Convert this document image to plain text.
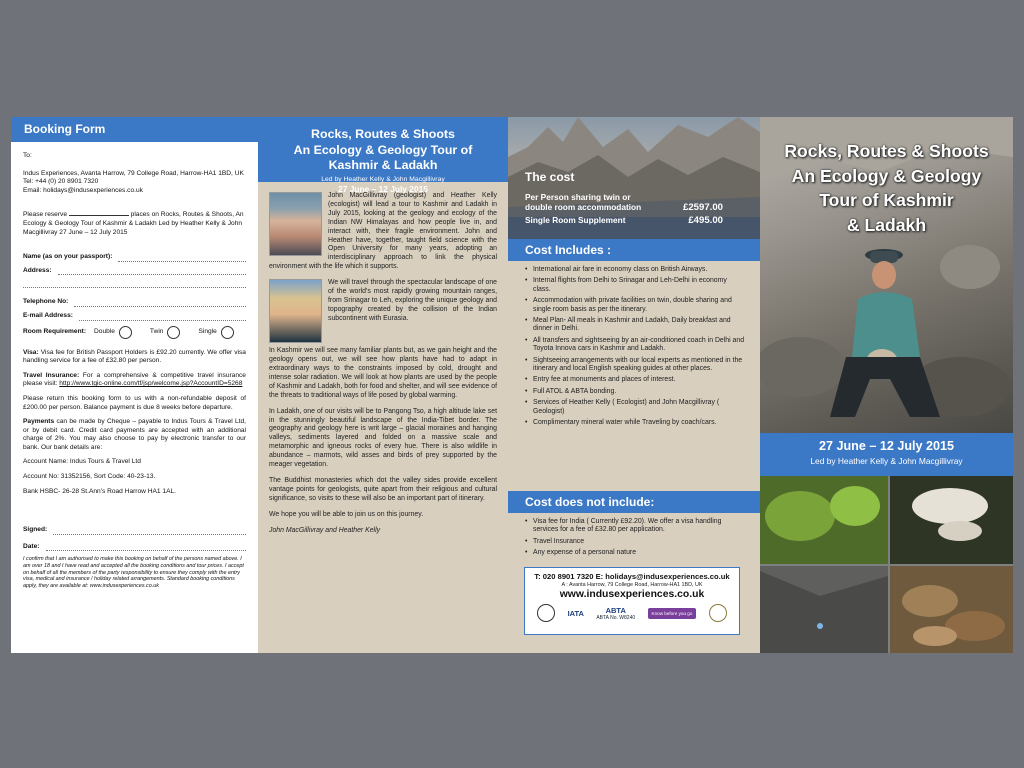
Booking Form

To:

Indus Experiences, Avanta Harrow, 79 College Road, Harrow-HA1 1BD, UK Tel: +44 (0) 20 8901 7320
Email: holidays@indusexperiences.co.uk

Please reserve	places on Rocks, Routes & Shoots, An Ecology & Geology Tour of Kashmir & Ladakh Led by Heather Kelly & John Macgillivray 27 June – 12 July 2015

Name (as on your passport):
Address:
Telephone No:
E-mail Address:
Room Requirement: Double	Twin	Single

Visa: Visa fee for British Passport Holders is £92.20 currently. We offer visa handling service for a fee of £32.80 per person.

Travel Insurance: For a comprehensive & competitive travel insurance please visit: http://www.tgic-online.com/tf/jsp/welcome.jsp?AccountID=5268

Please return this booking form to us with a non-refundable deposit of £200.00 per person. Balance payment is due 8 weeks before departure.

Payments can be made by Cheque – payable to Indus Tours & Travel Ltd, or by debit card. Credit card payments are accepted with an additional charge of 2%. You may also choose to pay by electronic transfer to our bank. Our bank details are:

Account Name: Indus Tours & Travel Ltd

Account No: 31352156, Sort Code: 40-23-13.

Bank HSBC- 26-28 St.Ann's Road Harrow HA1 1AL.

Signed:
Date:

I confirm that I am authorised to make this booking on behalf of the persons named above. I am over 18 and I have read and accepted all the booking conditions and tour prices. I accept on behalf of all the members of the party responsibility to ensure they comply with the entry visa, medical and insurance / holiday related arrangements. Standard booking conditions apply, they are available at: www.indusexperiences.co.uk

Rocks, Routes & Shoots
An Ecology & Geology Tour of
Kashmir & Ladakh
Led by Heather Kelly & John Macgillivray
27 June – 12 July 2015

John MacGillivray (geologist) and Heather Kelly (ecologist) will lead a tour to Kashmir and Ladakh in July 2015, looking at the geology and ecology of the Indian NW Himalayas and how people live in, and interact with, their fragile environment. John and Heather have, together, taught field science with the Open University for many years, adopting an interdisciplinary approach to link the physical environment with the life which it supports.

We will travel through the spectacular landscape of one of the world's most rapidly growing mountain ranges, from Srinagar to Leh, exploring the unique geology and topography created by the collision of the Indian subcontinent with Eurasia.

In Kashmir we will see many familiar plants but, as we gain height and the geology opens out, we will see how plants have had to adapt in extraordinary ways to the constraints imposed by cold, drought and intense solar radiation. We will look at how plants are used by the people of Kashmir and Ladakh, both for food and shelter, and will see evidence of the threats to traditional ways of life posed by global warming.

In Ladakh, one of our visits will be to Pangong Tso, a high altitude lake set in the stunningly beautiful landscape of the India-Tibet border. The geography and geology here is writ large – glacial moraines and hanging valleys, sediments layered and folded on a massive scale and metamorphic and igneous rocks of every hue. There is also wildlife in abundance – marmots, wild asses and birds of prey supported by the meager vegetation.

The Buddhist monasteries which dot the valley sides provide excellent vantage points for geologists, quite apart from their religious and cultural significance, so visits to these will also be an important part of itinerary.

We hope you will be able to join us on this journey.

John MacGillivray and Heather Kelly

The cost
Per Person sharing twin or
double room accommodation	£2597.00
Single Room Supplement	£495.00
Cost Includes :
• International air fare in economy class on British Airways.
• Internal flights from Delhi to Srinagar and Leh-Delhi in economy class.
• Accommodation with private facilities on twin, double sharing and single room basis as per the itinerary.
• Meal Plan- All meals in Kashmir and Ladakh, Daily breakfast and dinner in Delhi.
• All transfers and sightseeing by an air-conditioned coach in Delhi and Toyota Innova cars in Kashmir and Ladakh.
• Sightseeing arrangements with our local experts as mentioned in the itinerary and local English speaking guides at other places.
• Entry fee at monuments and places of interest.
• Full ATOL & ABTA bonding.
• Services of Heather Kelly ( Ecologist) and John Macgillivray ( Geologist)
• Complimentary mineral water while Traveling by coach/cars.
Cost does not include:
• Visa fee for India ( Currently £92.20). We offer a visa handling services for a fee of £32.80 per application.
• Travel Insurance
• Any expense of a personal nature
T: 020 8901 7320 E: holidays@indusexperiences.co.uk
A : Avanta Harrow, 79 College Road, Harrow-HA1 1BD, UK
www.indusexperiences.co.uk
IATA	ABTA
ABTA No. W8240
Know before you go
Rocks, Routes & Shoots
An Ecology & Geology
Tour of Kashmir
& Ladakh
27 June – 12 July 2015
Led by Heather Kelly & John Macgillivray
